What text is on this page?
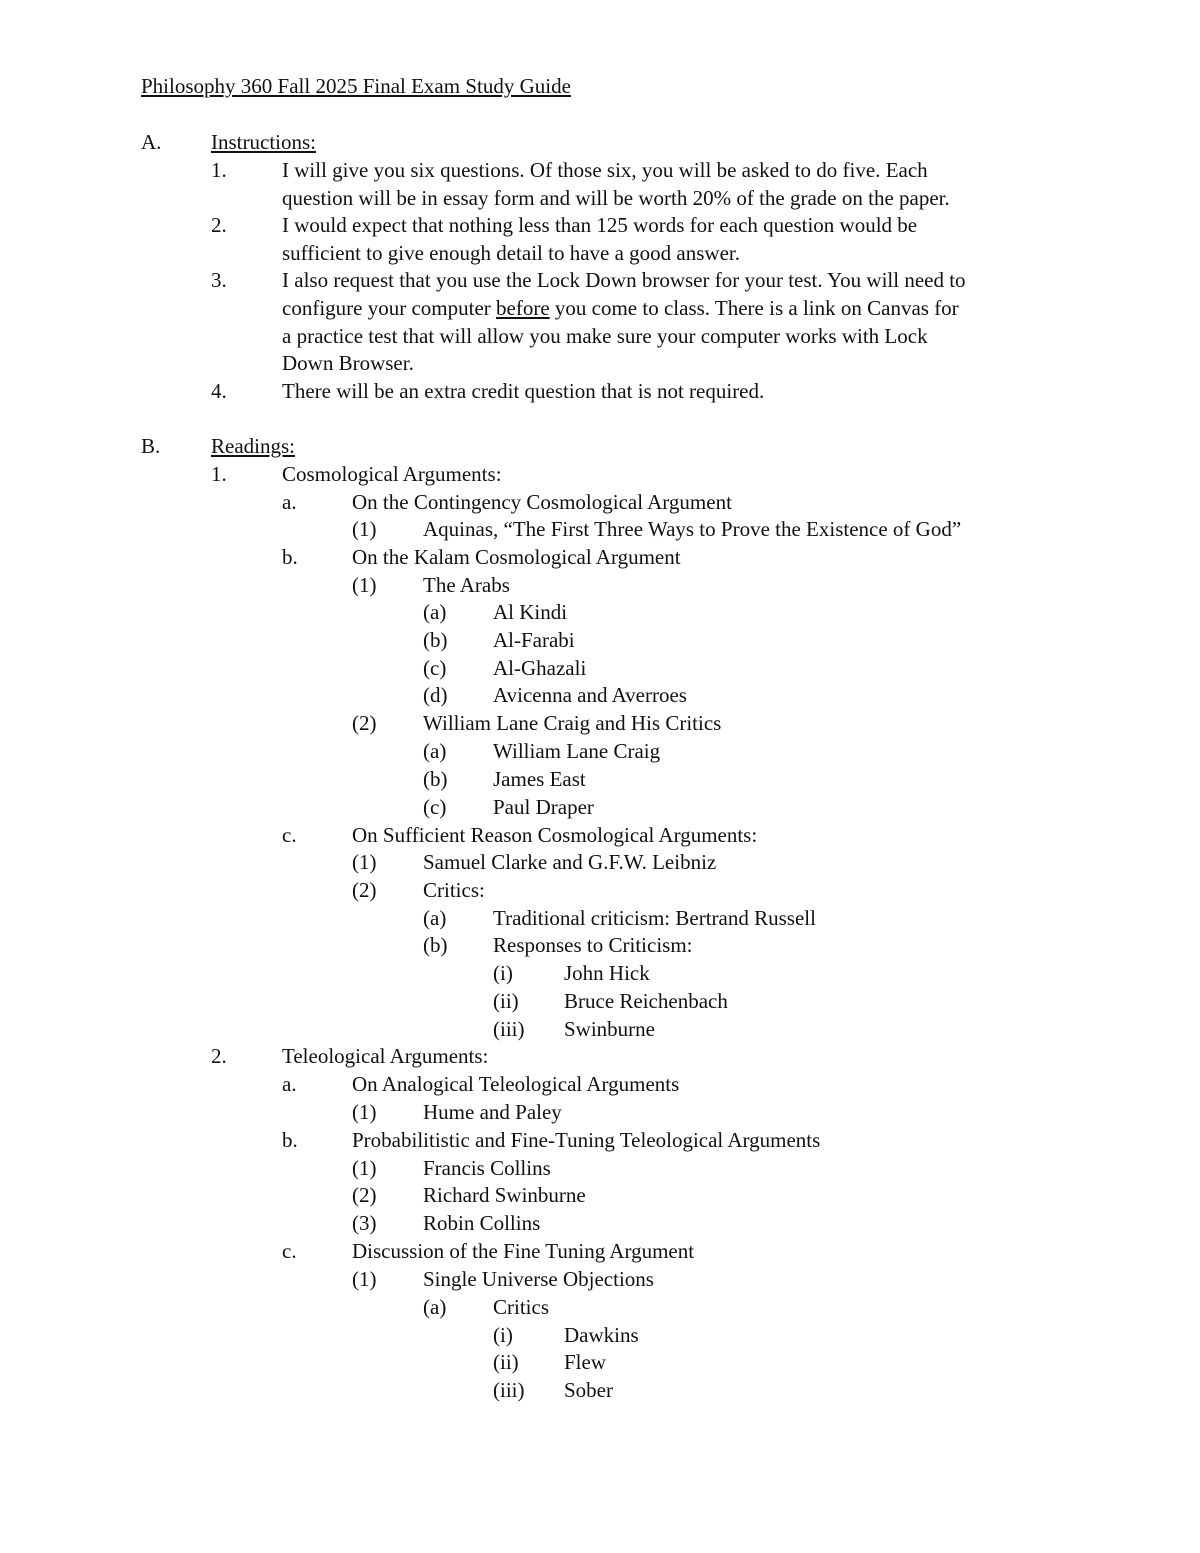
Philosophy 360 Fall 2025 Final Exam Study Guide
A. Instructions:
1.	I will give you six questions. Of those six, you will be asked to do five. Each
question will be in essay form and will be worth 20% of the grade on the paper.
2.	I would expect that nothing less than 125 words for each question would be
sufficient to give enough detail to have a good answer.
3.	I also request that you use the Lock Down browser for your test. You will need to
configure your computer before you come to class. There is a link on Canvas for
a practice test that will allow you make sure your computer works with Lock
Down Browser.
4.	There will be an extra credit question that is not required.
B. Readings:
1.	Cosmological Arguments:
a.	On the Contingency Cosmological Argument
(1) Aquinas, “The First Three Ways to Prove the Existence of God”
b.	On the Kalam Cosmological Argument
(1) The Arabs
(a) Al Kindi
(b) Al-Farabi
(c) Al-Ghazali
(d) Avicenna and Averroes
(2) William Lane Craig and His Critics
(a) William Lane Craig
(b) James East
(c) Paul Draper
c.	On Sufficient Reason Cosmological Arguments:
(1) Samuel Clarke and G.F.W. Leibniz
(2) Critics:
(a) Traditional criticism: Bertrand Russell
(b) Responses to Criticism:
(i) John Hick
(ii) Bruce Reichenbach
(iii) Swinburne
2.	Teleological Arguments:
a.	On Analogical Teleological Arguments
(1) Hume and Paley
b.	Probabilitistic and Fine-Tuning Teleological Arguments
(1) Francis Collins
(2) Richard Swinburne
(3) Robin Collins
c.	Discussion of the Fine Tuning Argument
(1) Single Universe Objections
(a) Critics
(i) Dawkins
(ii) Flew
(iii) Sober
